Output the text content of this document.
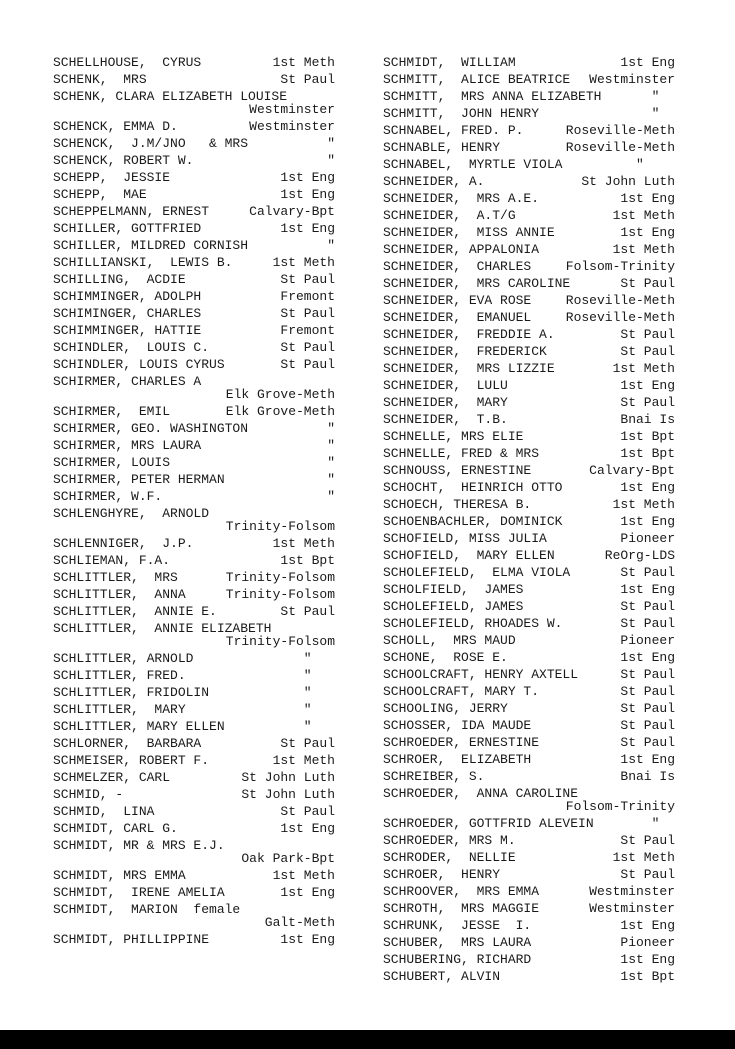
SCHELLHOUSE,  CYRUS	1st Meth
SCHENK,  MRS	St Paul
SCHENK, CLARA ELIZABETH LOUISE
Westminster
SCHENCK, EMMA D.	Westminster
SCHENCK,  J.M/JNO   & MRS	"
SCHENCK, ROBERT W.	"
SCHEPP,  JESSIE	1st Eng
SCHEPP,  MAE	1st Eng
SCHEPPELMANN, ERNEST	Calvary-Bpt
SCHILLER, GOTTFRIED	1st Eng
SCHILLER, MILDRED CORNISH	"
SCHILLIANSKI,  LEWIS B.	1st Meth
SCHILLING,  ACDIE	St Paul
SCHIMMINGER, ADOLPH	Fremont
SCHIMINGER, CHARLES	St Paul
SCHIMMINGER, HATTIE	Fremont
SCHINDLER,  LOUIS C.	St Paul
SCHINDLER, LOUIS CYRUS	St Paul
SCHIRMER, CHARLES A
Elk Grove-Meth
SCHIRMER,  EMIL	Elk Grove-Meth
SCHIRMER, GEO. WASHINGTON	"
SCHIRMER, MRS LAURA	"
SCHIRMER, LOUIS	"
SCHIRMER, PETER HERMAN	"
SCHIRMER, W.F.	"
SCHLENGHYRE,  ARNOLD
Trinity-Folsom
SCHLENNIGER,  J.P.	1st Meth
SCHLIEMAN, F.A.	1st Bpt
SCHLITTLER,  MRS	Trinity-Folsom
SCHLITTLER,  ANNA	Trinity-Folsom
SCHLITTLER,  ANNIE E.	St Paul
SCHLITTLER,  ANNIE ELIZABETH
Trinity-Folsom
SCHLITTLER, ARNOLD	"
SCHLITTLER, FRED.	"
SCHLITTLER, FRIDOLIN	"
SCHLITTLER,  MARY	"
SCHLITTLER, MARY ELLEN	"
SCHLORNER,  BARBARA	St Paul
SCHMEISER, ROBERT F.	1st Meth
SCHMELZER, CARL	St John Luth
SCHMID, -	St John Luth
SCHMID,  LINA	St Paul
SCHMIDT, CARL G.	1st Eng
SCHMIDT, MR & MRS E.J.
Oak Park-Bpt
SCHMIDT, MRS EMMA	1st Meth
SCHMIDT,  IRENE AMELIA	1st Eng
SCHMIDT,  MARION  female
Galt-Meth
SCHMIDT, PHILLIPPINE	1st Eng
SCHMIDT,  WILLIAM	1st Eng
SCHMITT,  ALICE BEATRICE Westminster
SCHMITT,  MRS ANNA ELIZABETH	"
SCHMITT,  JOHN HENRY	"
SCHNABEL, FRED. P.	Roseville-Meth
SCHNABLE, HENRY	Roseville-Meth
SCHNABEL,  MYRTLE VIOLA	"
SCHNEIDER, A.	St John Luth
SCHNEIDER,  MRS A.E.	1st Eng
SCHNEIDER,  A.T/G	1st Meth
SCHNEIDER,  MISS ANNIE	1st Eng
SCHNEIDER, APPALONIA	1st Meth
SCHNEIDER,  CHARLES	Folsom-Trinity
SCHNEIDER,  MRS CAROLINE	St Paul
SCHNEIDER, EVA ROSE	Roseville-Meth
SCHNEIDER,  EMANUEL	Roseville-Meth
SCHNEIDER,  FREDDIE A.	St Paul
SCHNEIDER,  FREDERICK	St Paul
SCHNEIDER,  MRS LIZZIE	1st Meth
SCHNEIDER,  LULU	1st Eng
SCHNEIDER,  MARY	St Paul
SCHNEIDER,  T.B.	Bnai Is
SCHNELLE, MRS ELIE	1st Bpt
SCHNELLE, FRED & MRS	1st Bpt
SCHNOUSS, ERNESTINE	Calvary-Bpt
SCHOCHT,  HEINRICH OTTO	1st Eng
SCHOECH, THERESA B.	1st Meth
SCHOENBACHLER, DOMINICK	1st Eng
SCHOFIELD, MISS JULIA	Pioneer
SCHOFIELD,  MARY ELLEN	ReOrg-LDS
SCHOLEFIELD,  ELMA VIOLA	St Paul
SCHOLFIELD,  JAMES	1st Eng
SCHOLEFIELD, JAMES	St Paul
SCHOLEFIELD, RHOADES W.	St Paul
SCHOLL,  MRS MAUD	Pioneer
SCHONE,  ROSE E.	1st Eng
SCHOOLCRAFT, HENRY AXTELL	St Paul
SCHOOLCRAFT, MARY T.	St Paul
SCHOOLING, JERRY	St Paul
SCHOSSER, IDA MAUDE	St Paul
SCHROEDER, ERNESTINE	St Paul
SCHROER,  ELIZABETH	1st Eng
SCHREIBER, S.	Bnai Is
SCHROEDER,  ANNA CAROLINE
Folsom-Trinity
SCHROEDER, GOTTFRID ALEVEIN	"
SCHROEDER, MRS M.	St Paul
SCHRODER,  NELLIE	1st Meth
SCHROER,  HENRY	St Paul
SCHROOVER,  MRS EMMA	Westminster
SCHROTH,  MRS MAGGIE	Westminster
SCHRUNK,  JESSE  I.	1st Eng
SCHUBER,  MRS LAURA	Pioneer
SCHUBERING, RICHARD	1st Eng
SCHUBERT, ALVIN	1st Bpt
